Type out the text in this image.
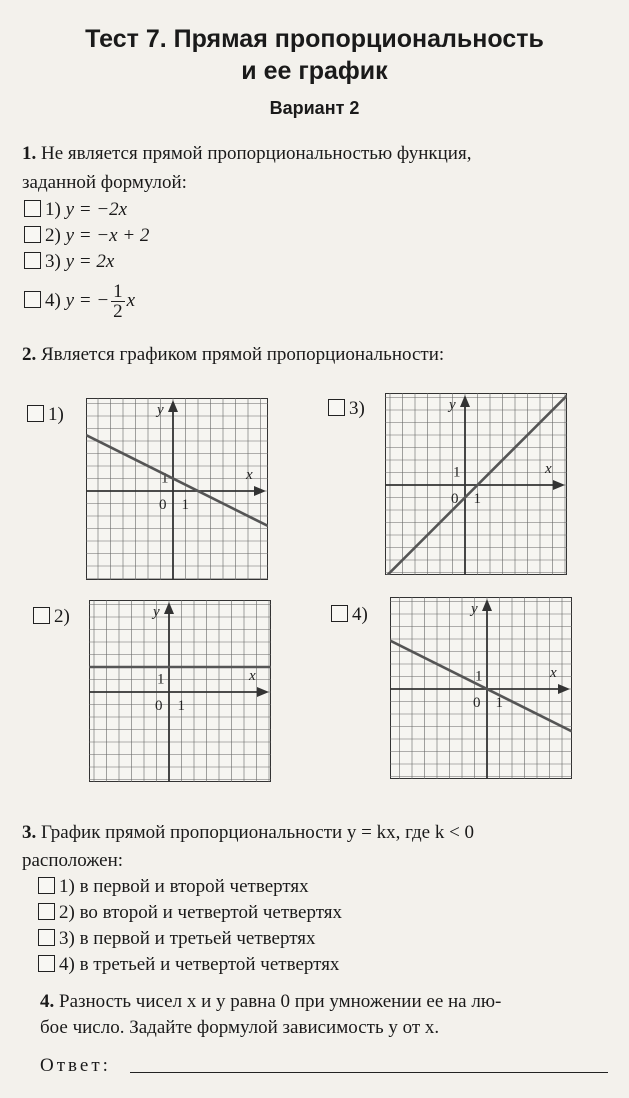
Тест 7. Прямая пропорциональность
и ее график
Вариант 2
1. Не является прямой пропорциональностью функция,
заданной формулой:
1) y = −2x
2) y = −x + 2
3) y = 2x
4) y = − $\frac{1}{2}$ x
2. Является графиком прямой пропорциональности:
1)	y
x
1
0 1
3)	y
x
1
0 1
2)	y
x
1
0 1
4)	y
x
1
0 1
3. График прямой пропорциональности y = kx, где k < 0
расположен:
1) в первой и второй четвертях
2) во второй и четвертой четвертях
3) в первой и третьей четвертях
4) в третьей и четвертой четвертях
4. Разность чисел x и y равна 0 при умножении ее на лю-
бое число. Задайте формулой зависимость y от x.
Ответ:
